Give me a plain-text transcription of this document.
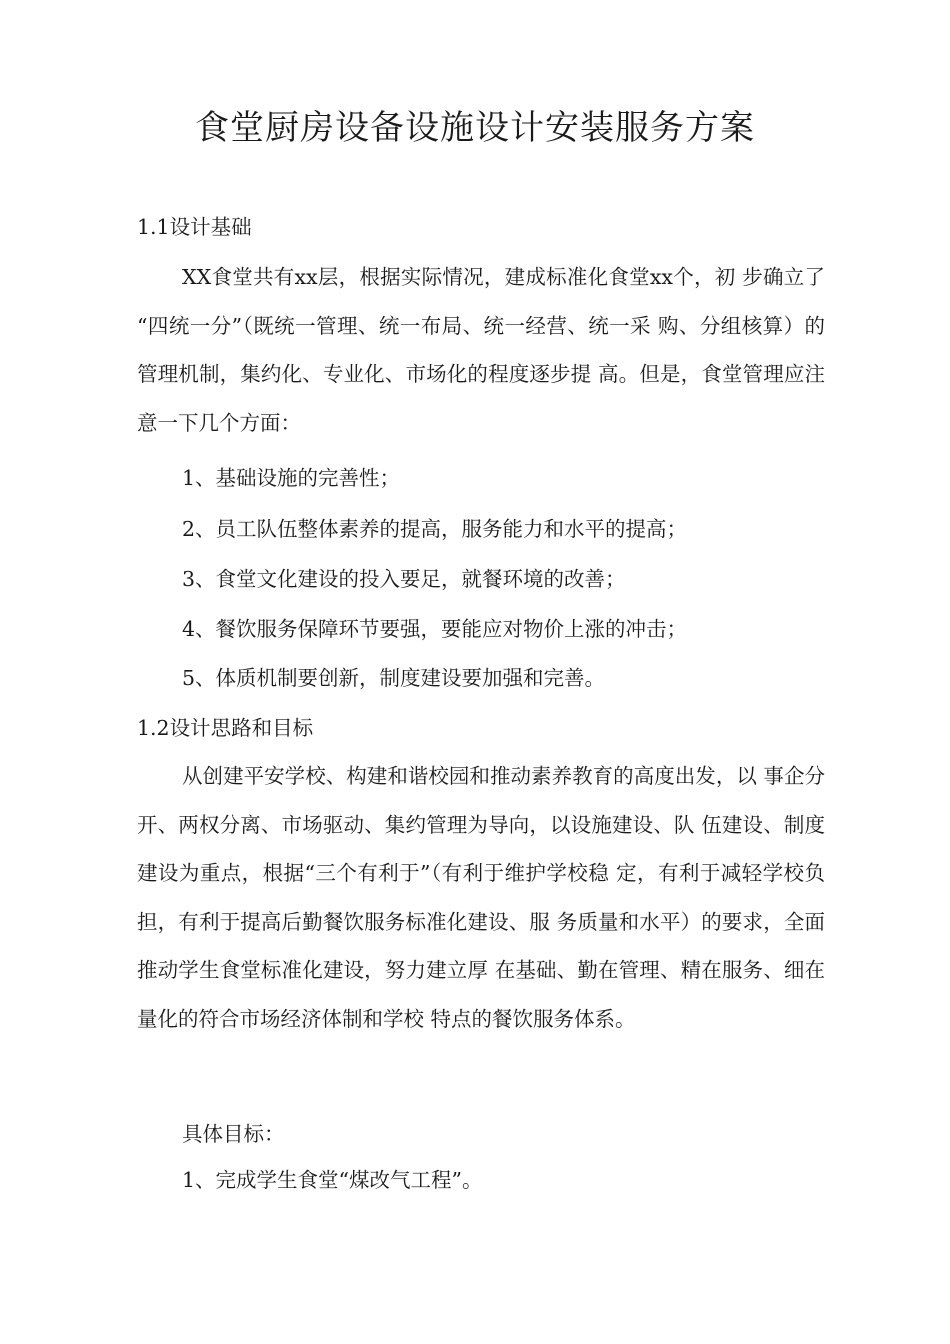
食堂厨房设备设施设计安装服务方案

1.1设计基础

XX食堂共有xx层，根据实际情况，建成标准化食堂xx个，初 步确立了 “四统一分”（既统一管理、统一布局、统一经营、统一采 购、分组核算）的管理机制，集约化、专业化、市场化的程度逐步提 高。但是，食堂管理应注意一下几个方面：

1、基础设施的完善性；

2、员工队伍整体素养的提高，服务能力和水平的提高；

3、食堂文化建设的投入要足，就餐环境的改善；

4、餐饮服务保障环节要强，要能应对物价上涨的冲击；

5、体质机制要创新，制度建设要加强和完善。

1.2设计思路和目标

从创建平安学校、构建和谐校园和推动素养教育的高度出发，以 事企分开、两权分离、市场驱动、集约管理为导向，以设施建设、队 伍建设、制度建设为重点，根据“三个有利于”（有利于维护学校稳 定，有利于减轻学校负担，有利于提高后勤餐饮服务标准化建设、服 务质量和水平）的要求，全面推动学生食堂标准化建设，努力建立厚 在基础、勤在管理、精在服务、细在量化的符合市场经济体制和学校 特点的餐饮服务体系。

具体目标：

1、完成学生食堂“煤改气工程”。
